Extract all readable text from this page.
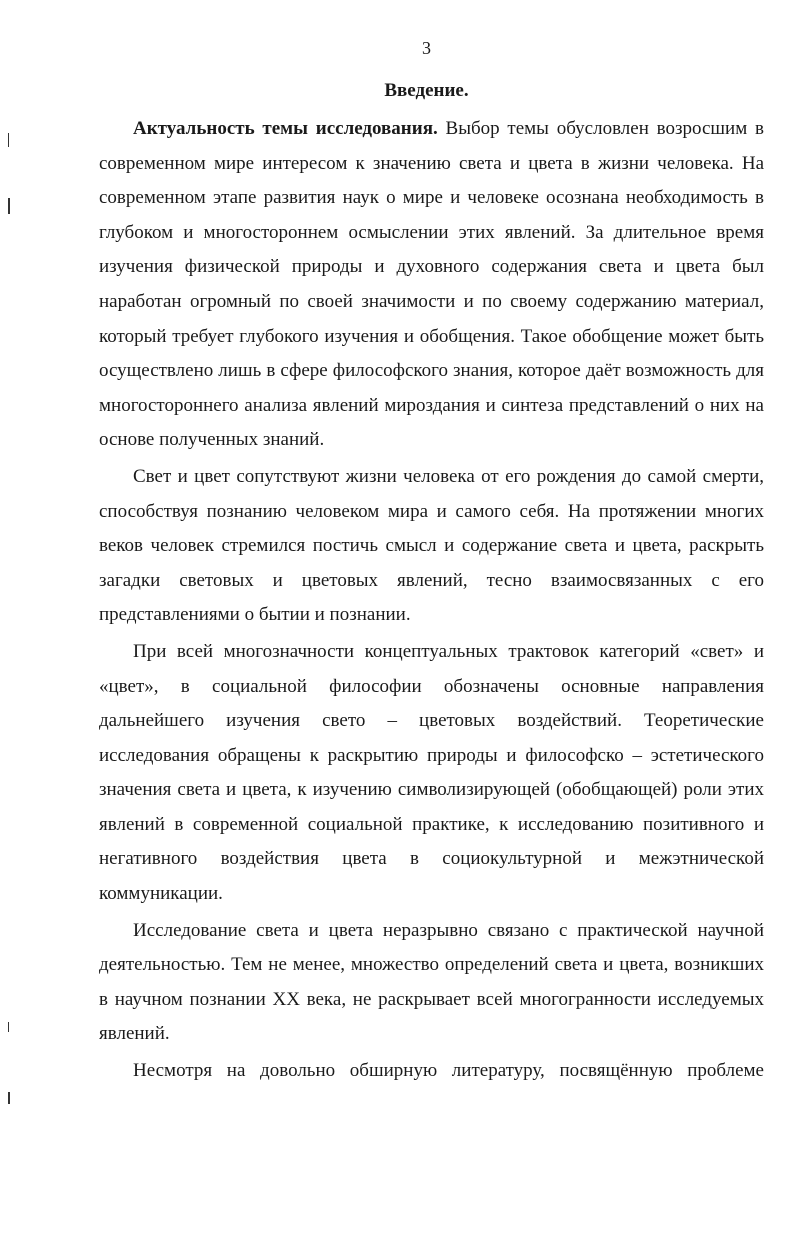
3
Введение.

Актуальность темы исследования. Выбор темы обусловлен возросшим в современном мире интересом к значению света и цвета в жизни человека. На современном этапе развития наук о мире и человеке осознана необходимость в глубоком и многостороннем осмыслении этих явлений. За длительное время изучения физической природы и духовного содержания света и цвета был наработан огромный по своей значимости и по своему содержанию материал, который требует глубокого изучения и обобщения. Такое обобщение может быть осуществлено лишь в сфере философского знания, которое даёт возможность для многостороннего анализа явлений мироздания и синтеза представлений о них на основе полученных знаний.

Свет и цвет сопутствуют жизни человека от его рождения до самой смерти, способствуя познанию человеком мира и самого себя. На протяжении многих веков человек стремился постичь смысл и содержание света и цвета, раскрыть загадки световых и цветовых явлений, тесно взаимосвязанных с его представлениями о бытии и познании.

При всей многозначности концептуальных трактовок категорий «свет» и «цвет», в социальной философии обозначены основные направления дальнейшего изучения свето – цветовых воздействий. Теоретические исследования обращены к раскрытию природы и философско – эстетического значения света и цвета, к изучению символизирующей (обобщающей) роли этих явлений в современной социальной практике, к исследованию позитивного и негативного воздействия цвета в социокультурной и межэтнической коммуникации.

Исследование света и цвета неразрывно связано с практической научной деятельностью. Тем не менее, множество определений света и цвета, возникших в научном познании XX века, не раскрывает всей многогранности исследуемых явлений.

Несмотря на довольно обширную литературу, посвящённую проблеме
